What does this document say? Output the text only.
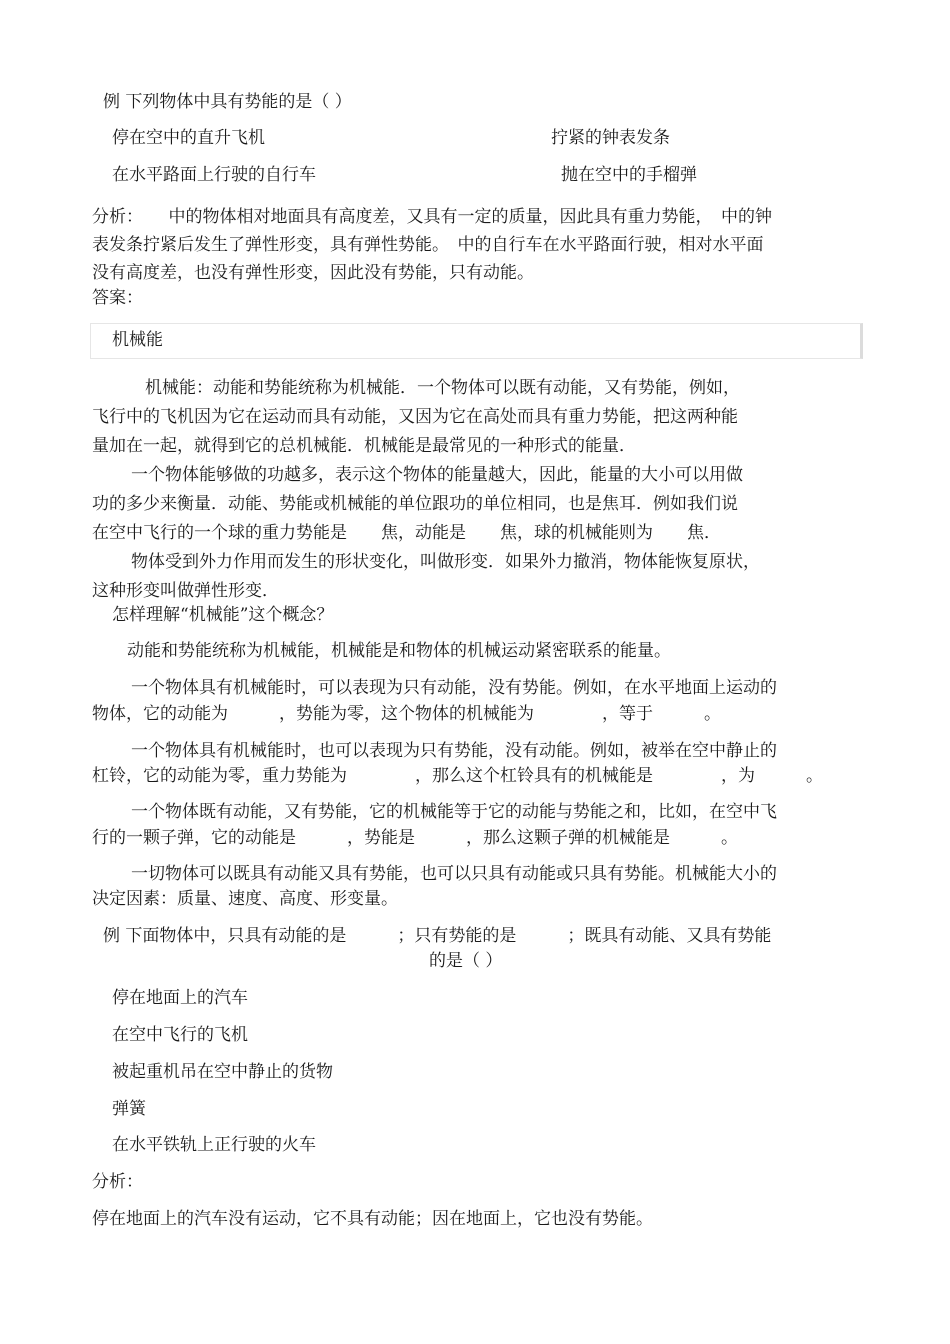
例 下列物体中具有势能的是（ ）
停在空中的直升飞机	拧紧的钟表发条
在水平路面上行驶的自行车	抛在空中的手榴弹
分析：　　中的物体相对地面具有高度差，又具有一定的质量，因此具有重力势能，　中的钟
表发条拧紧后发生了弹性形变，具有弹性势能。　中的自行车在水平路面行驶，相对水平面
没有高度差，也没有弹性形变，因此没有势能，只有动能。
答案：
机械能
机械能：动能和势能统称为机械能．一个物体可以既有动能，又有势能，例如，
飞行中的飞机因为它在运动而具有动能，又因为它在高处而具有重力势能，把这两种能
量加在一起，就得到它的总机械能．机械能是最常见的一种形式的能量．
一个物体能够做的功越多，表示这个物体的能量越大，因此，能量的大小可以用做
功的多少来衡量．动能、势能或机械能的单位跟功的单位相同，也是焦耳．例如我们说
在空中飞行的一个球的重力势能是　　焦，动能是　　焦，球的机械能则为　　焦．
物体受到外力作用而发生的形状变化，叫做形变．如果外力撤消，物体能恢复原状，
这种形变叫做弹性形变．
怎样理解“机械能”这个概念？
动能和势能统称为机械能，机械能是和物体的机械运动紧密联系的能量。
一个物体具有机械能时，可以表现为只有动能，没有势能。例如，在水平地面上运动的
物体，它的动能为　　　，势能为零，这个物体的机械能为　　　　，等于　　　。
一个物体具有机械能时，也可以表现为只有势能，没有动能。例如，被举在空中静止的
杠铃，它的动能为零，重力势能为　　　　，那么这个杠铃具有的机械能是　　　　，为　　　。
一个物体既有动能，又有势能，它的机械能等于它的动能与势能之和，比如，在空中飞
行的一颗子弹，它的动能是　　　，势能是　　　，那么这颗子弹的机械能是　　　。
一切物体可以既具有动能又具有势能，也可以只具有动能或只具有势能。机械能大小的
决定因素：质量、速度、高度、形变量。
例 下面物体中，只具有动能的是　　　；只有势能的是　　　；既具有动能、又具有势能
的是（ ）
停在地面上的汽车
在空中飞行的飞机
被起重机吊在空中静止的货物
弹簧
在水平铁轨上正行驶的火车
分析：
停在地面上的汽车没有运动，它不具有动能；因在地面上，它也没有势能。
